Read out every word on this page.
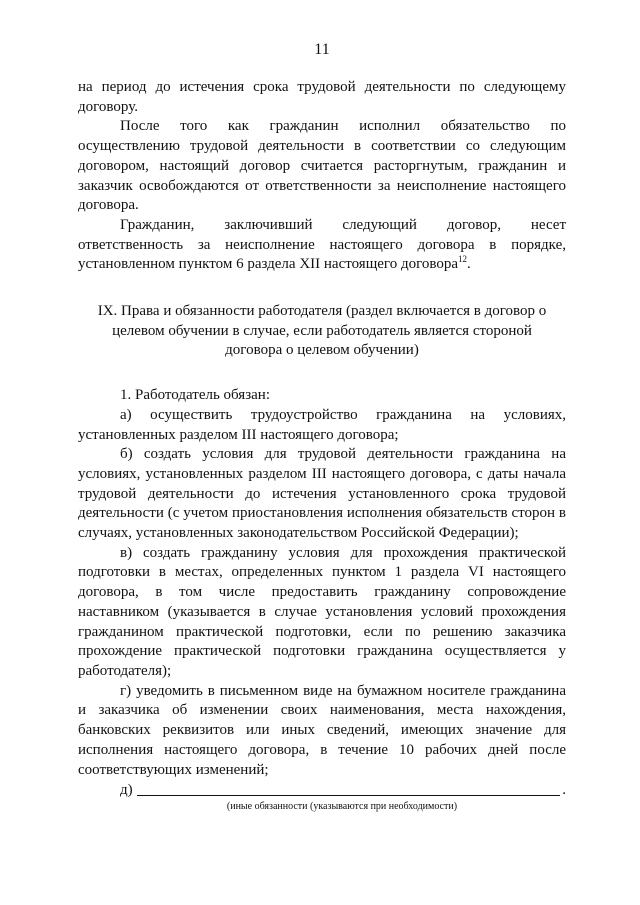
11

на период до истечения срока трудовой деятельности по следующему договору.

После того как гражданин исполнил обязательство по осуществлению трудовой деятельности в соответствии со следующим договором, настоящий договор считается расторгнутым, гражданин и заказчик освобождаются от ответственности за неисполнение настоящего договора.

Гражданин, заключивший следующий договор, несет ответственность за неисполнение настоящего договора в порядке, установленном пунктом 6 раздела XII настоящего договора$^{12}$.

IX. Права и обязанности работодателя (раздел включается в договор о целевом обучении в случае, если работодатель является стороной договора о целевом обучении)

1. Работодатель обязан:

а) осуществить трудоустройство гражданина на условиях, установленных разделом III настоящего договора;

б) создать условия для трудовой деятельности гражданина на условиях, установленных разделом III настоящего договора, с даты начала трудовой деятельности до истечения установленного срока трудовой деятельности (с учетом приостановления исполнения обязательств сторон в случаях, установленных законодательством Российской Федерации);

в) создать гражданину условия для прохождения практической подготовки в местах, определенных пунктом 1 раздела VI настоящего договора, в том числе предоставить гражданину сопровождение наставником (указывается в случае установления условий прохождения гражданином практической подготовки, если по решению заказчика прохождение практической подготовки гражданина осуществляется у работодателя);

г) уведомить в письменном виде на бумажном носителе гражданина и заказчика об изменении своих наименования, места нахождения, банковских реквизитов или иных сведений, имеющих значение для исполнения настоящего договора, в течение 10 рабочих дней после соответствующих изменений;

д)	.
(иные обязанности (указываются при необходимости)
